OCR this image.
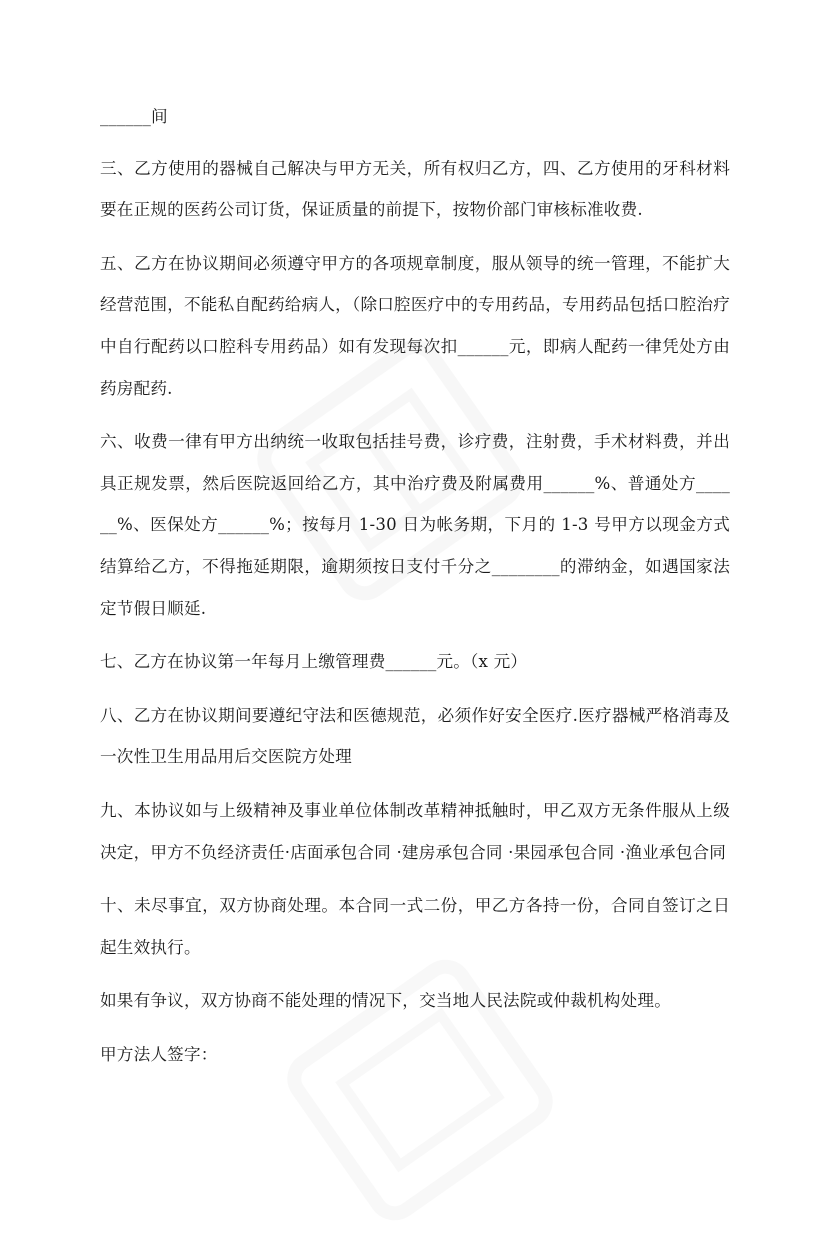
______间

三、乙方使用的器械自己解决与甲方无关，所有权归乙方，四、乙方使用的牙科材料要在正规的医药公司订货，保证质量的前提下，按物价部门审核标准收费.

五、乙方在协议期间必须遵守甲方的各项规章制度，服从领导的统一管理，不能扩大经营范围，不能私自配药给病人，（除口腔医疗中的专用药品，专用药品包括口腔治疗中自行配药以口腔科专用药品）如有发现每次扣______元，即病人配药一律凭处方由药房配药.

六、收费一律有甲方出纳统一收取包括挂号费，诊疗费，注射费，手术材料费，并出具正规发票，然后医院返回给乙方，其中治疗费及附属费用______%、普通处方______%、医保处方______%；按每月 1-30 日为帐务期，下月的 1-3 号甲方以现金方式结算给乙方，不得拖延期限，逾期须按日支付千分之________的滞纳金，如遇国家法定节假日顺延.

七、乙方在协议第一年每月上缴管理费______元。（x 元）

八、乙方在协议期间要遵纪守法和医德规范，必须作好安全医疗.医疗器械严格消毒及一次性卫生用品用后交医院方处理

九、本协议如与上级精神及事业单位体制改革精神抵触时，甲乙双方无条件服从上级决定，甲方不负经济责任·店面承包合同 ·建房承包合同 ·果园承包合同 ·渔业承包合同

十、未尽事宜，双方协商处理。本合同一式二份，甲乙方各持一份，合同自签订之日起生效执行。

如果有争议，双方协商不能处理的情况下，交当地人民法院或仲裁机构处理。

甲方法人签字：
